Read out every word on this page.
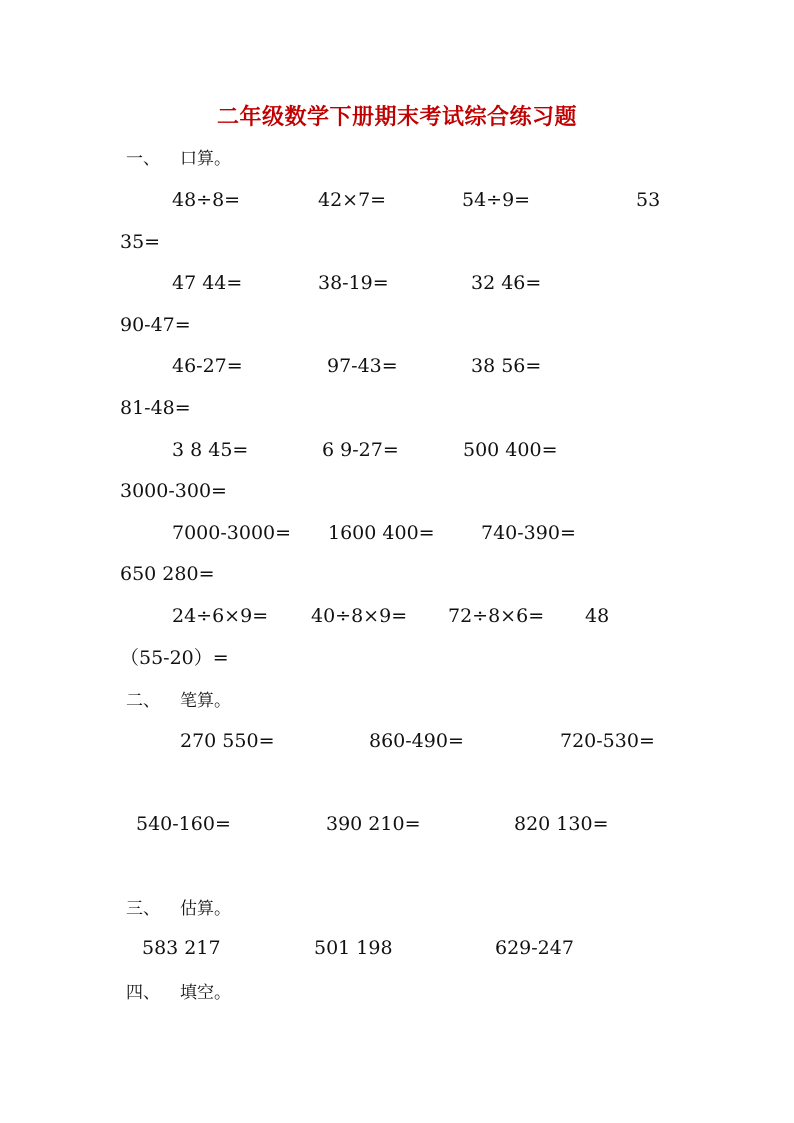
二年级数学下册期末考试综合练习题
一、 口算。
48÷8=	42×7=	54÷9=	53
35=
47 44=	38-19=	32 46=
90-47=
46-27=	97-43=	38 56=
81-48=
3 8 45=	6 9-27=	500 400=
3000-300=
7000-3000= 1600 400= 740-390=
650 280=
24÷6×9= 40÷8×9= 72÷8×6= 48
（55-20）=
二、 笔算。
270 550=	860-490=	720-530=
540-160=	390 210=	820 130=
三、 估算。
583 217	501 198	629-247
四、 填空。
